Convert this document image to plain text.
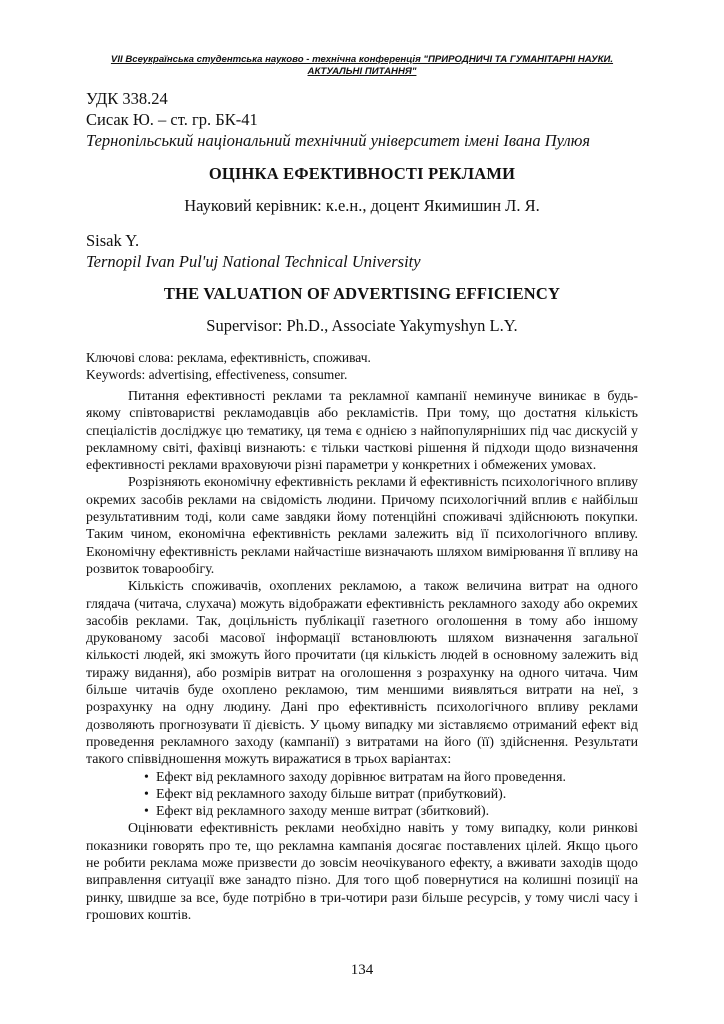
VII Всеукраїнська студентська науково - технічна конференція "ПРИРОДНИЧІ ТА ГУМАНІТАРНІ НАУКИ. АКТУАЛЬНІ ПИТАННЯ"

УДК 338.24

Сисак Ю. – ст. гр. БК-41

Тернопільський національний технічний університет імені Івана Пулюя

ОЦІНКА ЕФЕКТИВНОСТІ РЕКЛАМИ

Науковий керівник: к.е.н., доцент Якимишин Л. Я.

Sisak Y.

Ternopil Ivan Pul'uj National Technical University

THE VALUATION OF ADVERTISING EFFICIENCY

Supervisor: Ph.D., Associate Yakymyshyn L.Y.

Ключові слова: реклама, ефективність, споживач.

Keywords: advertising, effectiveness, consumer.

Питання ефективності реклами та рекламної кампанії неминуче виникає в будь-якому співтоваристві рекламодавців або рекламістів. При тому, що достатня кількість спеціалістів досліджує цю тематику, ця тема є однією з найпопулярніших під час дискусій у рекламному світі, фахівці визнають: є тільки часткові рішення й підходи щодо визначення ефективності реклами враховуючи різні параметри у конкретних і обмежених умовах.

Розрізняють економічну ефективність реклами й ефективність психологічного впливу окремих засобів реклами на свідомість людини. Причому психологічний вплив є найбільш результативним тоді, коли саме завдяки йому потенційні споживачі здійснюють покупки. Таким чином, економічна ефективність реклами залежить від її психологічного впливу. Економічну ефективність реклами найчастіше визначають шляхом вимірювання її впливу на розвиток товарообігу.

Кількість споживачів, охоплених рекламою, а також величина витрат на одного глядача (читача, слухача) можуть відображати ефективність рекламного заходу або окремих засобів реклами. Так, доцільність публікації газетного оголошення в тому або іншому друкованому засобі масової інформації встановлюють шляхом визначення загальної кількості людей, які зможуть його прочитати (ця кількість людей в основному залежить від тиражу видання), або розмірів витрат на оголошення з розрахунку на одного читача. Чим більше читачів буде охоплено рекламою, тим меншими виявляться витрати на неї, з розрахунку на одну людину. Дані про ефективність психологічного впливу реклами дозволяють прогнозувати її дієвість. У цьому випадку ми зіставляємо отриманий ефект від проведення рекламного заходу (кампанії) з витратами на його (її) здійснення. Результати такого співвідношення можуть виражатися в трьох варіантах:

• Ефект від рекламного заходу дорівнює витратам на його проведення.
• Ефект від рекламного заходу більше витрат (прибутковий).
• Ефект від рекламного заходу менше витрат (збитковий).

Оцінювати ефективність реклами необхідно навіть у тому випадку, коли ринкові показники говорять про те, що рекламна кампанія досягає поставлених цілей. Якщо цього не робити реклама може призвести до зовсім неочікуваного ефекту, а вживати заходів щодо виправлення ситуації вже занадто пізно. Для того щоб повернутися на колишні позиції на ринку, швидше за все, буде потрібно в три-чотири рази більше ресурсів, у тому числі часу і грошових коштів.

134
